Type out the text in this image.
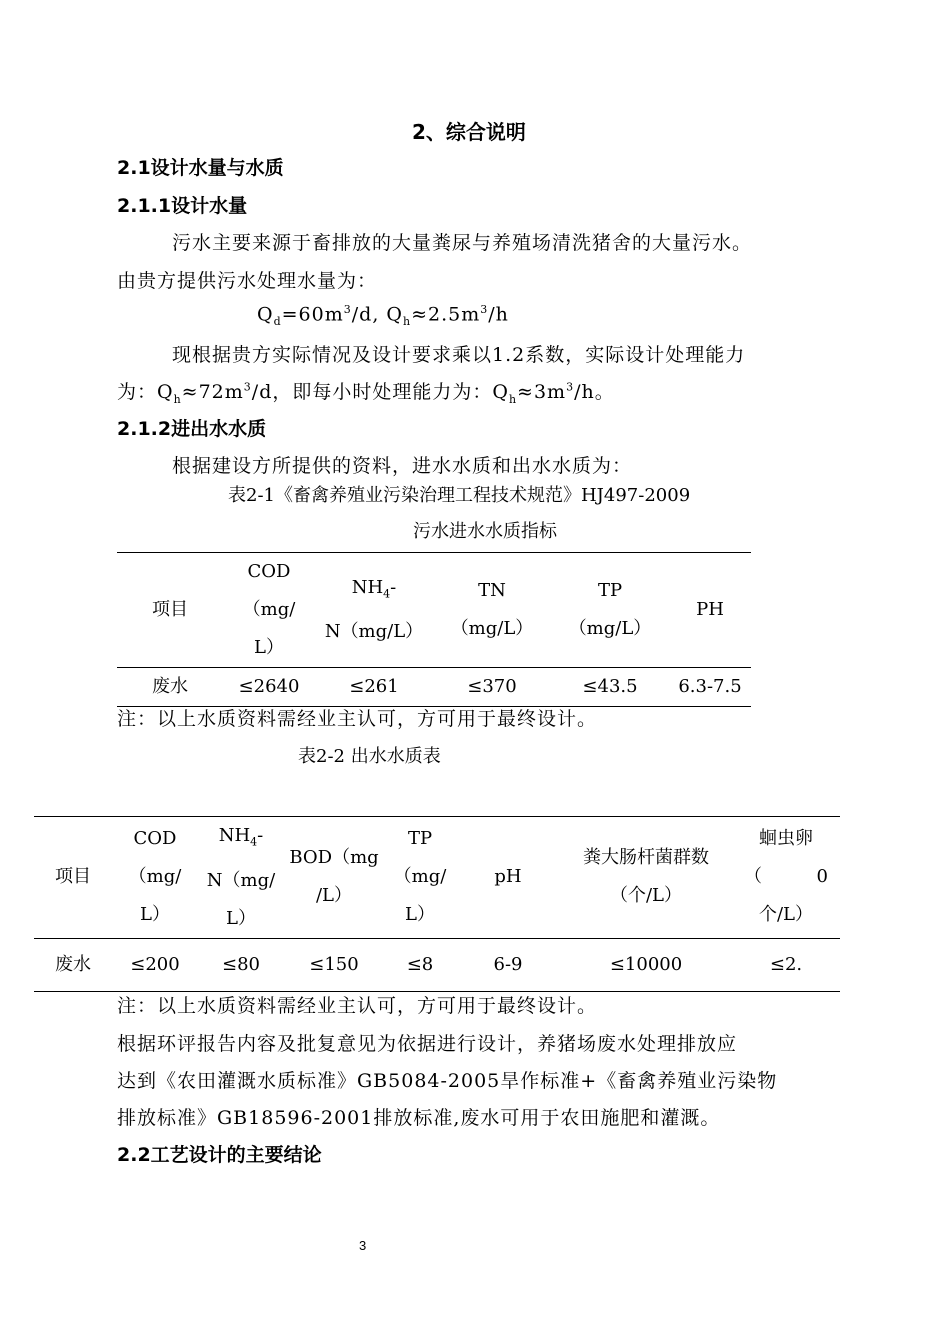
2、综合说明
2.1设计水量与水质
2.1.1设计水量
污水主要来源于畜排放的大量粪尿与养殖场清洗猪舍的大量污水。
由贵方提供污水处理水量为：
$Q_d=60m^3/d$, $Q_h\approx 2.5m^3/h$
现根据贵方实际情况及设计要求乘以1.2系数，实际设计处理能力
为：$Q_h\approx 72m^3/d$，即每小时处理能力为：$Q_h\approx 3m^3/h$。
2.1.2进出水水质
根据建设方所提供的资料，进水水质和出水水质为：
表2-1《畜禽养殖业污染治理工程技术规范》HJ497-2009
污水进水水质指标
项目	COD
（mg/
L）	$NH_4-$
N（mg/L）	TN
（mg/L）	TP
（mg/L）	PH
废水	≤2640	≤261	≤370	≤43.5	6.3-7.5
注：以上水质资料需经业主认可，方可用于最终设计。
表2-2 出水水质表
项目	COD
（mg/
L）	$NH_4-$
N（mg/
L）	BOD（mg
/L）	TP
（mg/
L）	pH	粪大肠杆菌群数
（个/L）	蛔虫卵
（ 0

个/L）
废水	≤200	≤80	≤150	≤8	6-9	≤10000	≤2.
注：以上水质资料需经业主认可，方可用于最终设计。
根据环评报告内容及批复意见为依据进行设计，养猪场废水处理排放应
达到《农田灌溉水质标准》GB5084-2005旱作标准+《畜禽养殖业污染物
排放标准》GB18596-2001排放标准,废水可用于农田施肥和灌溉。
2.2工艺设计的主要结论
3
